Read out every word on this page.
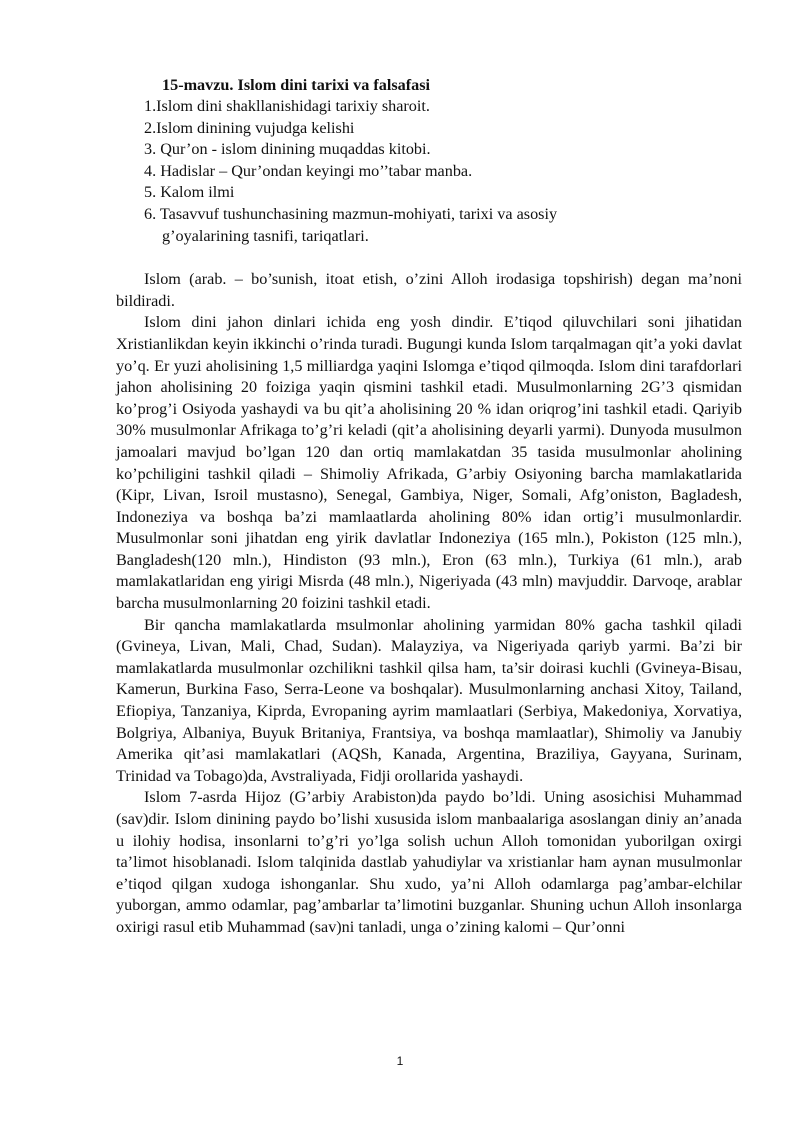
15-mavzu. Islom dini tarixi va falsafasi
1.Islom dini shakllanishidagi tarixiy sharoit.
2.Islom dinining vujudga kelishi
3. Qur’on - islom dinining muqaddas kitobi.
4. Hadislar – Qur’ondan keyingi mo’’tabar manba.
5. Kalom ilmi
6. Tasavvuf tushunchasining mazmun-mohiyati, tarixi va asosiy
g’oyalarining tasnifi, tariqatlari.

Islom (arab. – bo’sunish, itoat etish, o’zini Alloh irodasiga topshirish) degan ma’noni bildiradi.

Islom dini jahon dinlari ichida eng yosh dindir. E’tiqod qiluvchilari soni jihatidan Xristianlikdan keyin ikkinchi o’rinda turadi. Bugungi kunda Islom tarqalmagan qit’a yoki davlat yo’q. Er yuzi aholisining 1,5 milliardga yaqini Islomga e’tiqod qilmoqda. Islom dini tarafdorlari jahon aholisining 20 foiziga yaqin qismini tashkil etadi. Musulmonlarning 2G’3 qismidan ko’prog’i Osiyoda yashaydi va bu qit’a aholisining 20 % idan oriqrog’ini tashkil etadi. Qariyib 30% musulmonlar Afrikaga to’g’ri keladi (qit’a aholisining deyarli yarmi). Dunyoda musulmon jamoalari mavjud bo’lgan 120 dan ortiq mamlakatdan 35 tasida musulmonlar aholining ko’pchiligini tashkil qiladi – Shimoliy Afrikada, G’arbiy Osiyoning barcha mamlakatlarida (Kipr, Livan, Isroil mustasno), Senegal, Gambiya, Niger, Somali, Afg’oniston, Bagladesh, Indoneziya va boshqa ba’zi mamlaatlarda aholining 80% idan ortig’i musulmonlardir. Musulmonlar soni jihatdan eng yirik davlatlar Indoneziya (165 mln.), Pokiston (125 mln.), Bangladesh(120 mln.), Hindiston (93 mln.), Eron (63 mln.), Turkiya (61 mln.), arab mamlakatlaridan eng yirigi Misrda (48 mln.), Nigeriyada (43 mln) mavjuddir. Darvoqe, arablar barcha musulmonlarning 20 foizini tashkil etadi.

Bir qancha mamlakatlarda msulmonlar aholining yarmidan 80% gacha tashkil qiladi (Gvineya, Livan, Mali, Chad, Sudan). Malayziya, va Nigeriyada qariyb yarmi. Ba’zi bir mamlakatlarda musulmonlar ozchilikni tashkil qilsa ham, ta’sir doirasi kuchli (Gvineya-Bisau, Kamerun, Burkina Faso, Serra-Leone va boshqalar). Musulmonlarning anchasi Xitoy, Tailand, Efiopiya, Tanzaniya, Kiprda, Evropaning ayrim mamlaatlari (Serbiya, Makedoniya, Xorvatiya, Bolgriya, Albaniya, Buyuk Britaniya, Frantsiya, va boshqa mamlaatlar), Shimoliy va Janubiy Amerika qit’asi mamlakatlari (AQSh, Kanada, Argentina, Braziliya, Gayyana, Surinam, Trinidad va Tobago)da, Avstraliyada, Fidji orollarida yashaydi.

Islom 7-asrda Hijoz (G’arbiy Arabiston)da paydo bo’ldi. Uning asosichisi Muhammad (sav)dir. Islom dinining paydo bo’lishi xususida islom manbaalariga asoslangan diniy an’anada u ilohiy hodisa, insonlarni to’g’ri yo’lga solish uchun Alloh tomonidan yuborilgan oxirgi ta’limot hisoblanadi. Islom talqinida dastlab yahudiylar va xristianlar ham aynan musulmonlar e’tiqod qilgan xudoga ishonganlar. Shu xudo, ya’ni Alloh odamlarga pag’ambar-elchilar yuborgan, ammo odamlar, pag’ambarlar ta’limotini buzganlar. Shuning uchun Alloh insonlarga oxirigi rasul etib Muhammad (sav)ni tanladi, unga o’zining kalomi – Qur’onni

1
